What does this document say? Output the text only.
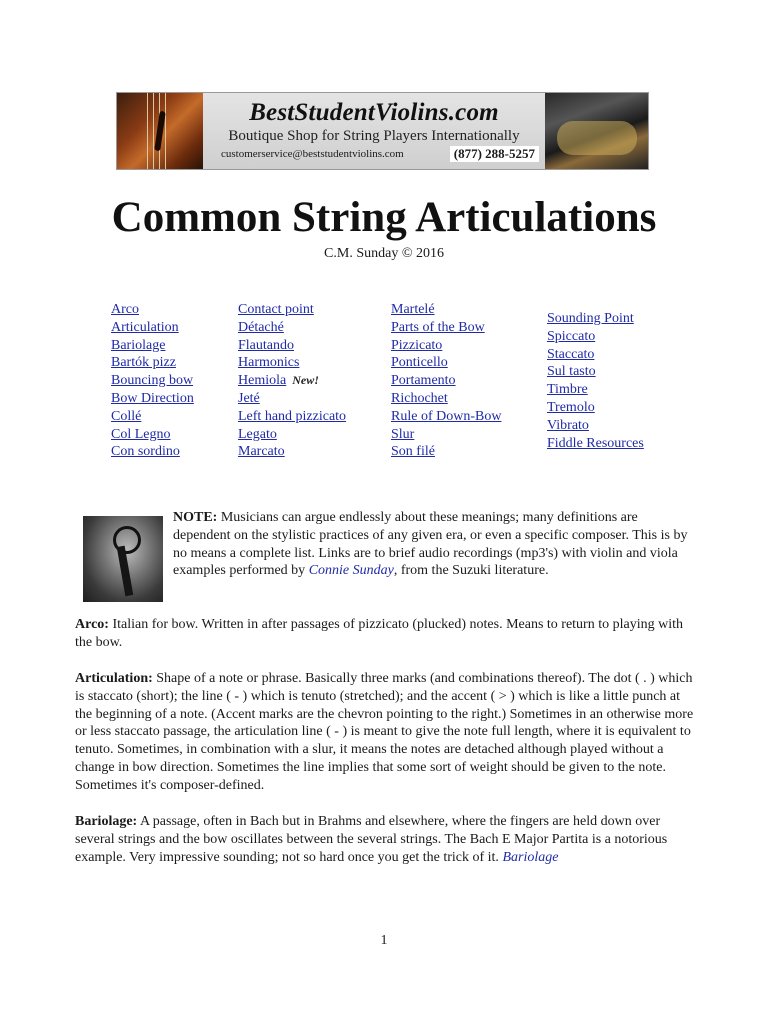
BestStudentViolins.com
Boutique Shop for String Players Internationally
customerservice@beststudentviolins.com	(877) 288-5257
Common String Articulations
C.M. Sunday © 2016
Arco
Articulation
Bariolage
Bartók pizz
Bouncing bow
Bow Direction
Collé
Col Legno
Con sordino
Contact point
Détaché
Flautando
Harmonics
Hemiola New!
Jeté
Left hand pizzicato
Legato
Marcato
Martelé
Parts of the Bow
Pizzicato
Ponticello
Portamento
Richochet
Rule of Down-Bow
Slur
Son filé
Sounding Point
Spiccato
Staccato
Sul tasto
Timbre
Tremolo
Vibrato
Fiddle Resources
NOTE: Musicians can argue endlessly about these meanings; many definitions are dependent on the stylistic practices of any given era, or even a specific composer. This is by no means a complete list. Links are to brief audio recordings (mp3's) with violin and viola examples performed by Connie Sunday, from the Suzuki literature.
Arco: Italian for bow. Written in after passages of pizzicato (plucked) notes. Means to return to playing with the bow.
Articulation: Shape of a note or phrase. Basically three marks (and combinations thereof). The dot ( . ) which is staccato (short); the line ( - ) which is tenuto (stretched); and the accent ( > ) which is like a little punch at the beginning of a note. (Accent marks are the chevron pointing to the right.) Sometimes in an otherwise more or less staccato passage, the articulation line ( - ) is meant to give the note full length, where it is equivalent to tenuto. Sometimes, in combination with a slur, it means the notes are detached although played without a change in bow direction. Sometimes the line implies that some sort of weight should be given to the note. Sometimes it's composer-defined.
Bariolage: A passage, often in Bach but in Brahms and elsewhere, where the fingers are held down over several strings and the bow oscillates between the several strings. The Bach E Major Partita is a notorious example. Very impressive sounding; not so hard once you get the trick of it. Bariolage
1
